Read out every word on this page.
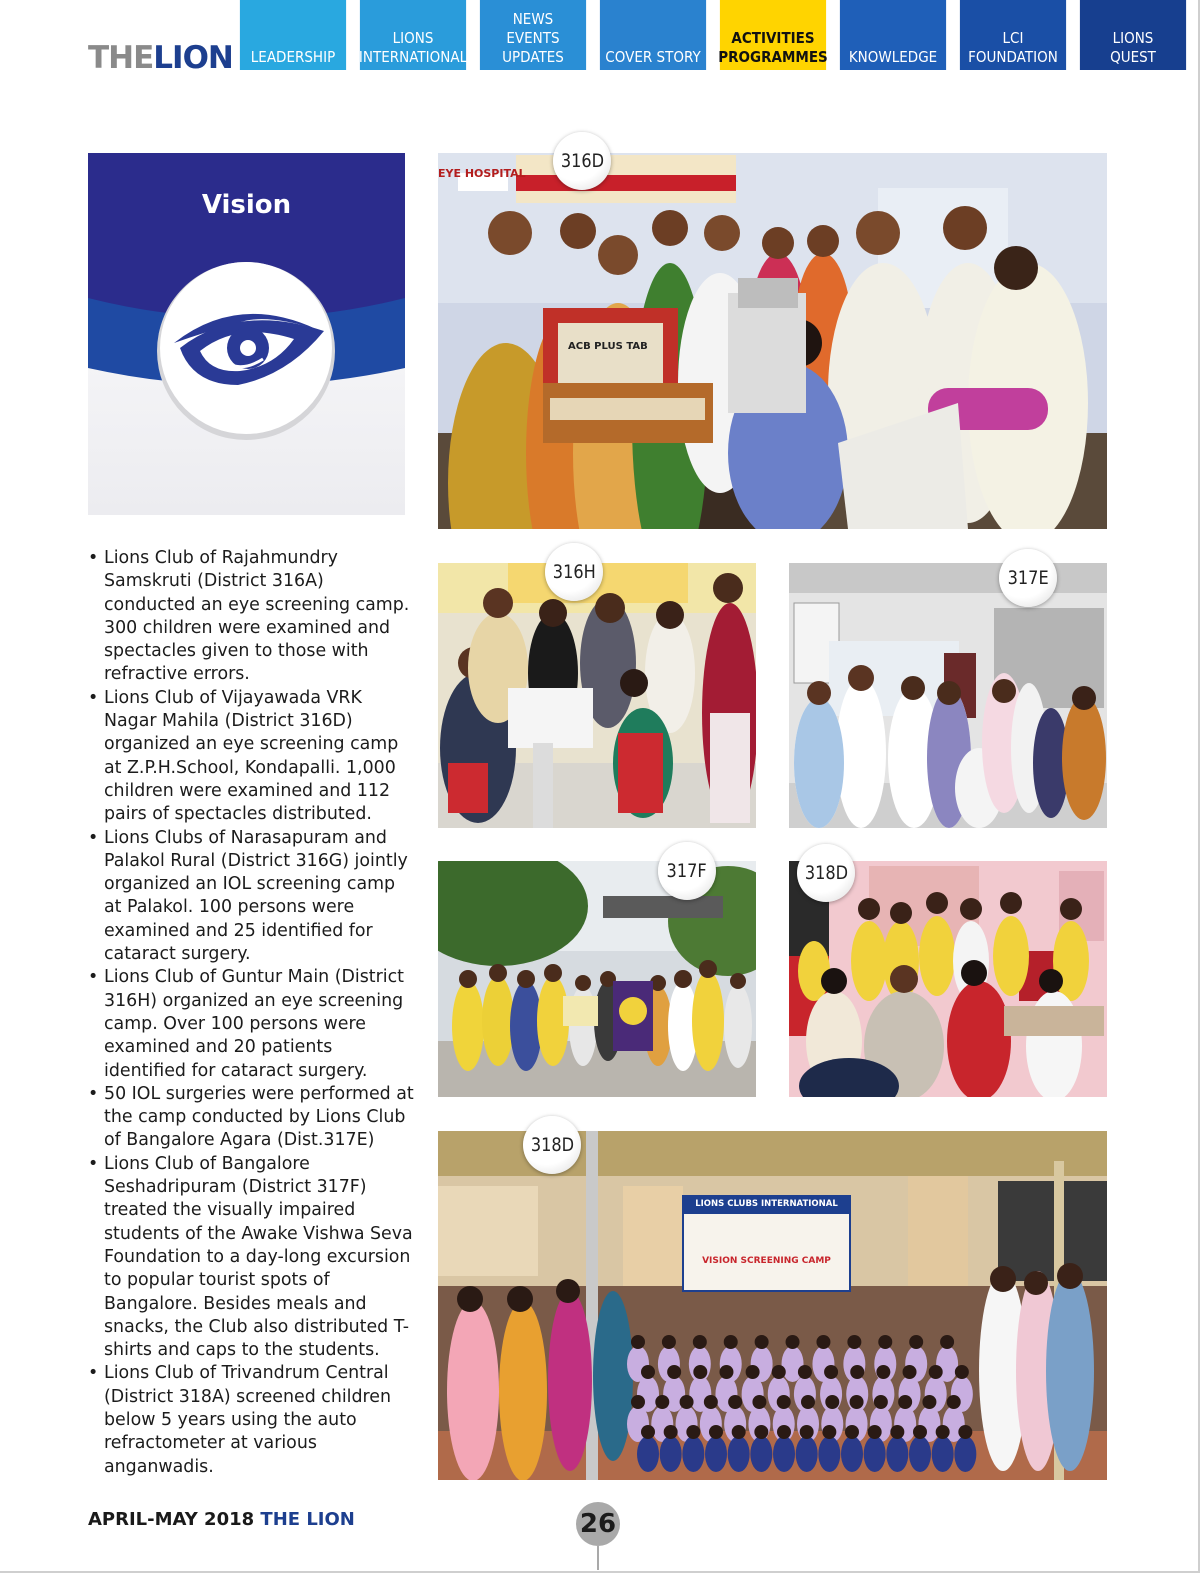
THELION LEADERSHIP
LIONS
INTERNATIONAL
NEWS
EVENTS
UPDATES	COVER STORY
ACTIVITIES
PROGRAMMES KNOWLEDGE
LCI
FOUNDATION
LIONS
QUEST
Vision
• Lions Club of Rajahmundry Samskruti (District 316A) conducted an eye screening camp. 300 children were examined and spectacles given to those with refractive errors.
• Lions Club of Vijayawada VRK Nagar Mahila (District 316D) organized an eye screening camp at Z.P.H.School, Kondapalli. 1,000 children were examined and 112 pairs of spectacles distributed.
• Lions Clubs of Narasapuram and Palakol Rural (District 316G) jointly organized an IOL screening camp at Palakol. 100 persons were examined and 25 identified for cataract surgery.
• Lions Club of Guntur Main (District 316H) organized an eye screening camp. Over 100 persons were examined and 20 patients identified for cataract surgery.
• 50 IOL surgeries were performed at the camp conducted by Lions Club of Bangalore Agara (Dist.317E)
• Lions Club of Bangalore Seshadripuram (District 317F) treated the visually impaired students of the Awake Vishwa Seva Foundation to a day-long excursion to popular tourist spots of Bangalore. Besides meals and snacks, the Club also distributed T-shirts and caps to the students.
• Lions Club of Trivandrum Central (District 318A) screened children below 5 years using the auto refractometer at various anganwadis.
EYE HOSPITAL
ACB PLUS TAB
316D
316H	317E
317F	318D
LIONS CLUBS INTERNATIONAL
VISION SCREENING CAMP
318D
APRIL-MAY 2018 THE LION	26
